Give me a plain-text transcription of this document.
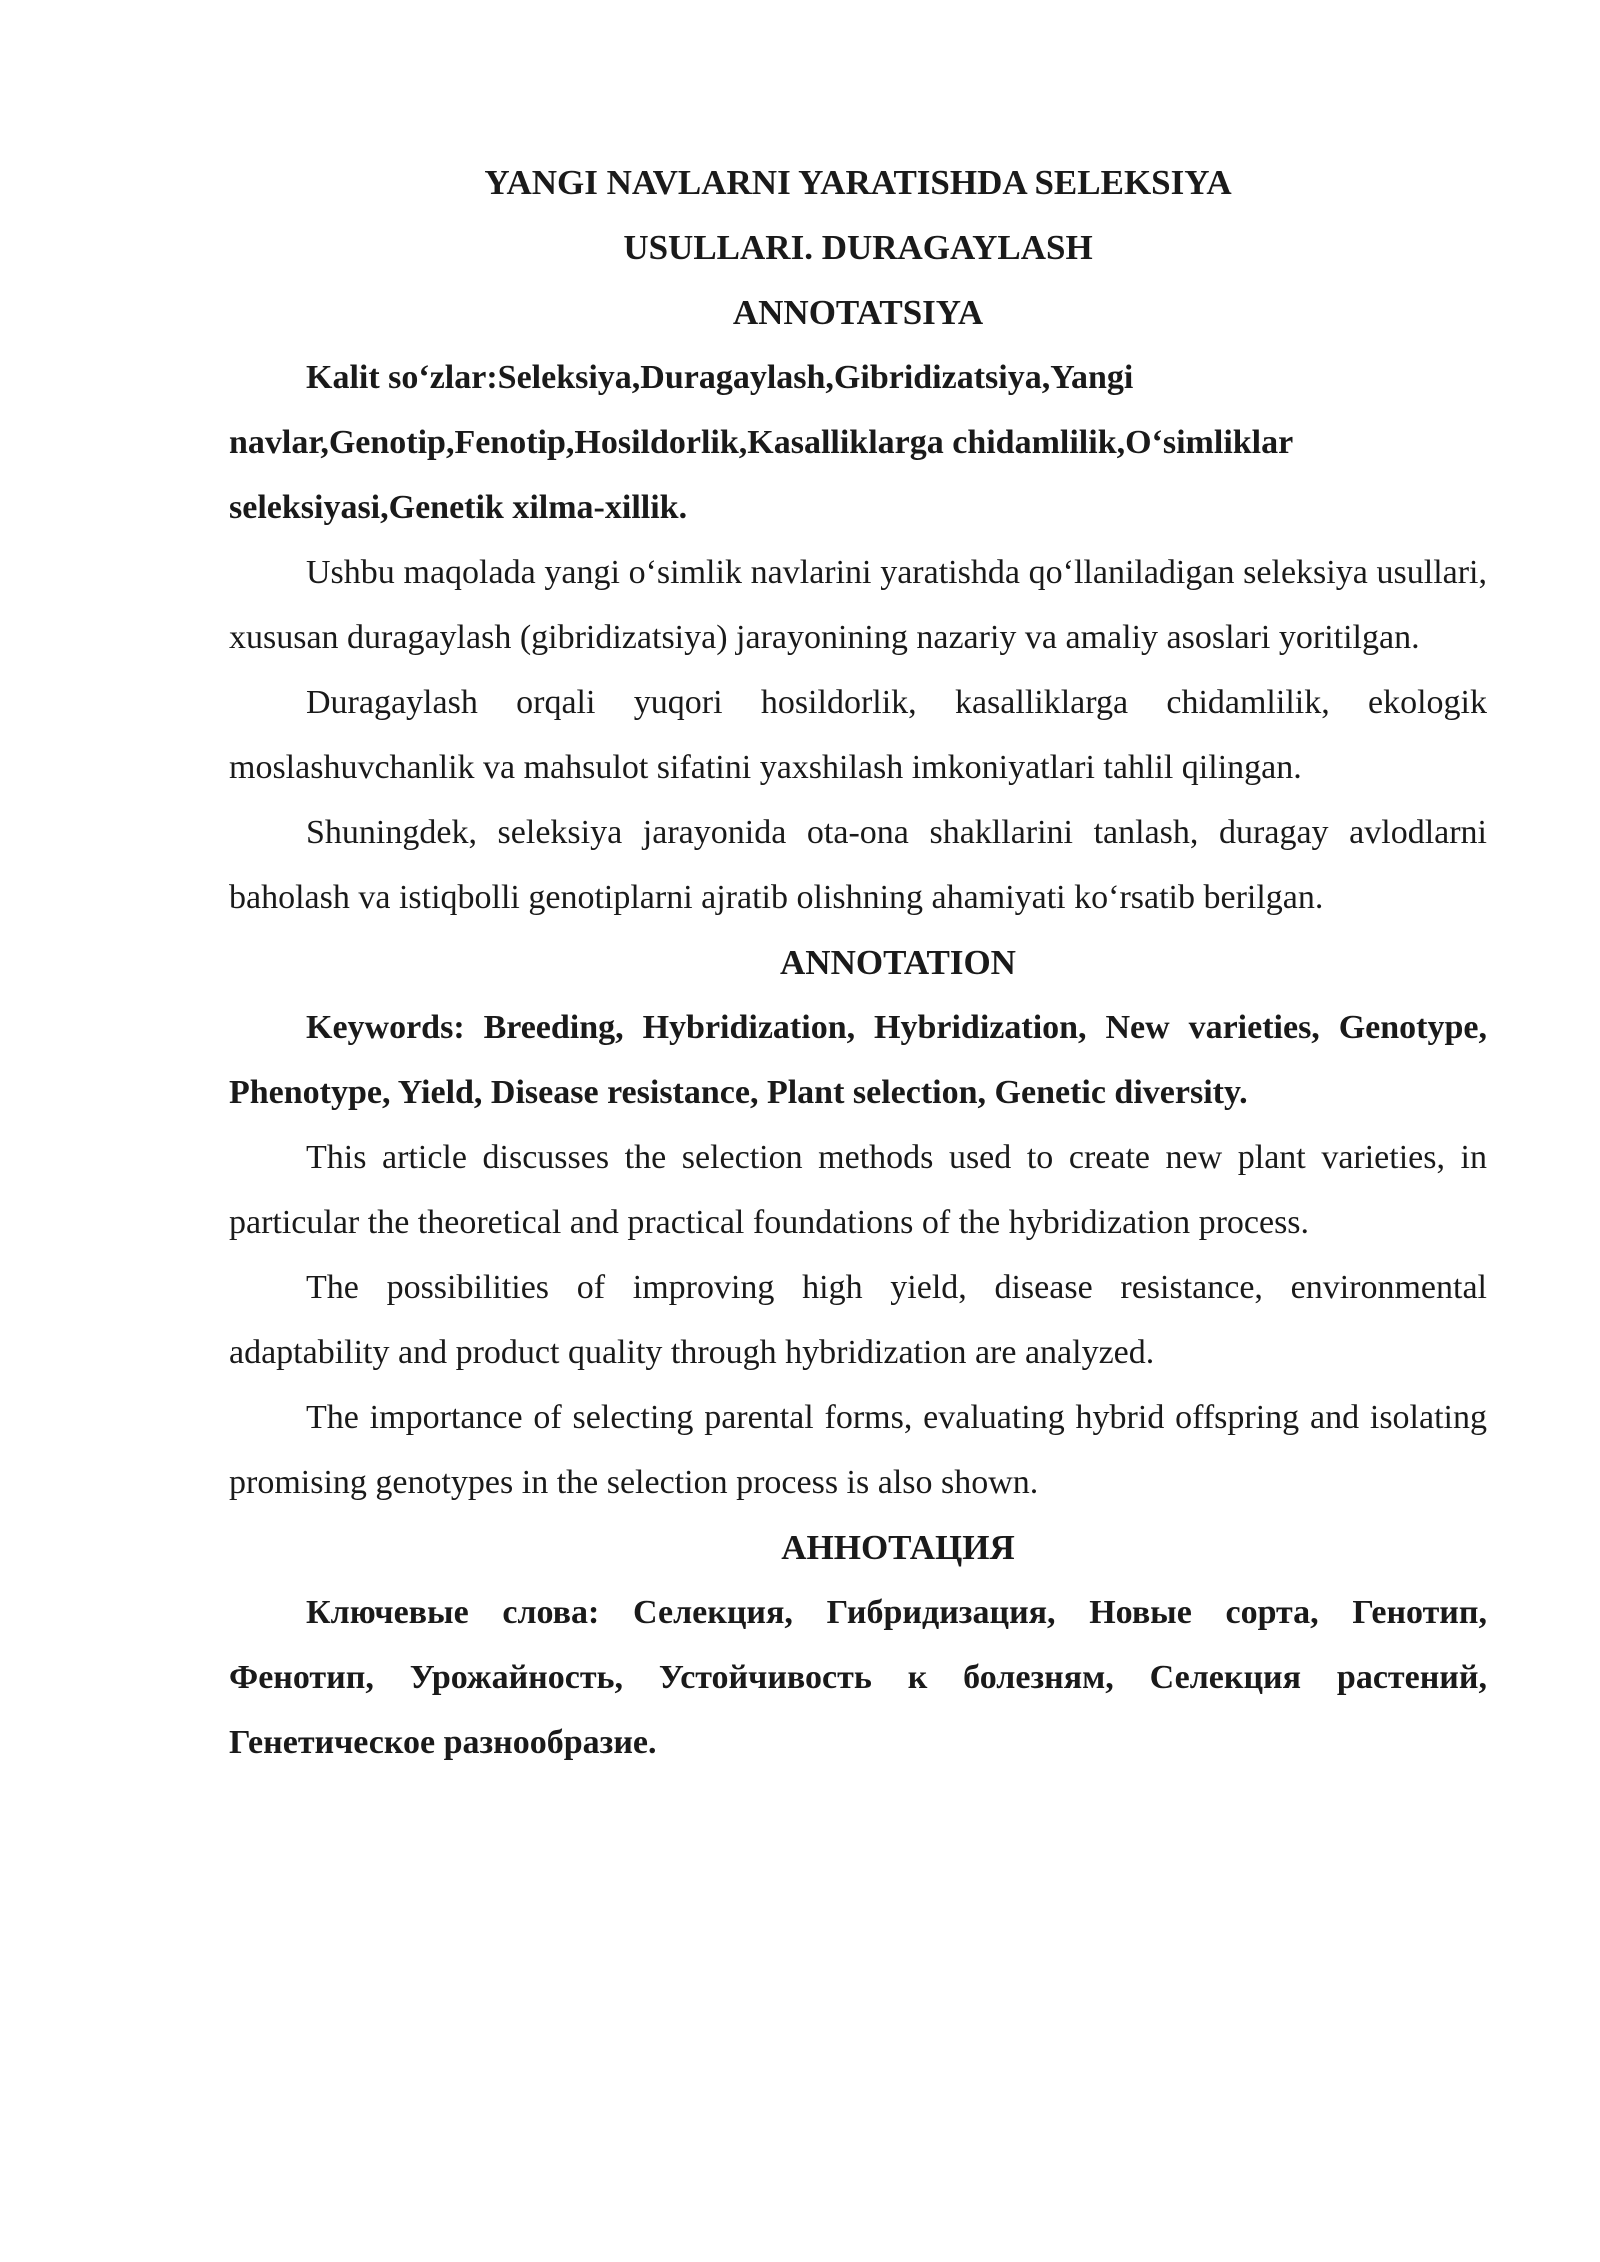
YANGI NAVLARNI YARATISHDA SELEKSIYA

USULLARI. DURAGAYLASH

ANNOTATSIYA

Kalit so‘zlar:Seleksiya,Duragaylash,Gibridizatsiya,Yangi navlar,Genotip,Fenotip,Hosildorlik,Kasalliklarga chidamlilik,O‘simliklar seleksiyasi,Genetik xilma-xillik.

Ushbu maqolada yangi o‘simlik navlarini yaratishda qo‘llaniladigan seleksiya usullari, xususan duragaylash (gibridizatsiya) jarayonining nazariy va amaliy asoslari yoritilgan.

Duragaylash orqali yuqori hosildorlik, kasalliklarga chidamlilik, ekologik moslashuvchanlik va mahsulot sifatini yaxshilash imkoniyatlari tahlil qilingan.

Shuningdek, seleksiya jarayonida ota-ona shakllarini tanlash, duragay avlodlarni baholash va istiqbolli genotiplarni ajratib olishning ahamiyati ko‘rsatib berilgan.

ANNOTATION

Keywords: Breeding, Hybridization, Hybridization, New varieties, Genotype, Phenotype, Yield, Disease resistance, Plant selection, Genetic diversity.

This article discusses the selection methods used to create new plant varieties, in particular the theoretical and practical foundations of the hybridization process.

The possibilities of improving high yield, disease resistance, environmental adaptability and product quality through hybridization are analyzed.

The importance of selecting parental forms, evaluating hybrid offspring and isolating promising genotypes in the selection process is also shown.

АННОТАЦИЯ

Ключевые слова: Селекция, Гибридизация, Новые сорта, Генотип, Фенотип, Урожайность, Устойчивость к болезням, Селекция растений, Генетическое разнообразие.
